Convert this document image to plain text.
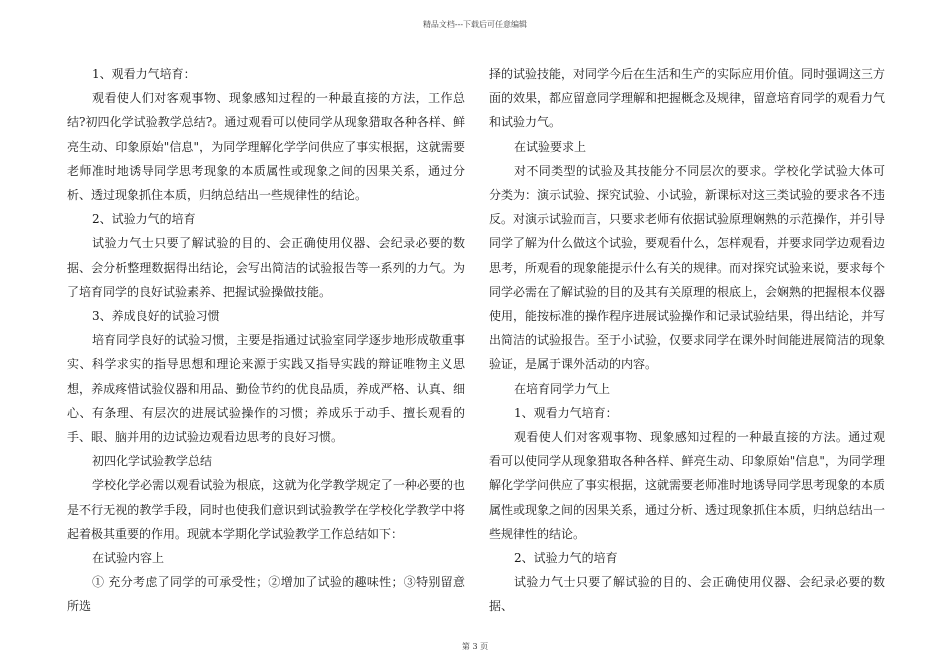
精品文档---下载后可任意编辑

1、观看力气培育：

观看使人们对客观事物、现象感知过程的一种最直接的方法，工作总结?初四化学试验教学总结?。通过观看可以使同学从现象猎取各种各样、鲜亮生动、印象原始"信息"，为同学理解化学学问供应了事实根据，这就需要老师准时地诱导同学思考现象的本质属性或现象之间的因果关系，通过分析、透过现象抓住本质，归纳总结出一些规律性的结论。

2、试验力气的培育

试验力气士只要了解试验的目的、会正确使用仪器、会纪录必要的数据、会分析整理数据得出结论，会写出简洁的试验报告等一系列的力气。为了培育同学的良好试验素养、把握试验操做技能。

3、养成良好的试验习惯

培育同学良好的试验习惯，主要是指通过试验室同学逐步地形成敬重事实、科学求实的指导思想和理论来源于实践又指导实践的辩证唯物主义思想，养成疼惜试验仪器和用品、勤俭节约的优良品质，养成严格、认真、细心、有条理、有层次的进展试验操作的习惯；养成乐于动手、擅长观看的手、眼、脑并用的边试验边观看边思考的良好习惯。

初四化学试验教学总结

学校化学必需以观看试验为根底，这就为化学教学规定了一种必要的也是不行无视的教学手段，同时也使我们意识到试验教学在学校化学教学中将起着极其重要的作用。现就本学期化学试验教学工作总结如下：

在试验内容上

① 充分考虑了同学的可承受性；②增加了试验的趣味性；③特别留意所选

择的试验技能，对同学今后在生活和生产的实际应用价值。同时强调这三方面的效果，都应留意同学理解和把握概念及规律，留意培育同学的观看力气和试验力气。

在试验要求上

对不同类型的试验及其技能分不同层次的要求。学校化学试验大体可分类为：演示试验、探究试验、小试验，新课标对这三类试验的要求各不违反。对演示试验而言，只要求老师有依据试验原理娴熟的示范操作，并引导同学了解为什么做这个试验，要观看什么，怎样观看，并要求同学边观看边思考，所观看的现象能提示什么有关的规律。而对探究试验来说，要求每个同学必需在了解试验的目的及其有关原理的根底上，会娴熟的把握根本仪器使用，能按标准的操作程序进展试验操作和记录试验结果，得出结论，并写出简洁的试验报告。至于小试验，仅要求同学在课外时间能进展简洁的现象验证，是属于课外活动的内容。

在培育同学力气上

1、观看力气培育：

观看使人们对客观事物、现象感知过程的一种最直接的方法。通过观看可以使同学从现象猎取各种各样、鲜亮生动、印象原始"信息"，为同学理解化学学问供应了事实根据，这就需要老师准时地诱导同学思考现象的本质属性或现象之间的因果关系，通过分析、透过现象抓住本质，归纳总结出一些规律性的结论。

2、试验力气的培育

试验力气士只要了解试验的目的、会正确使用仪器、会纪录必要的数据、

第 3 页
